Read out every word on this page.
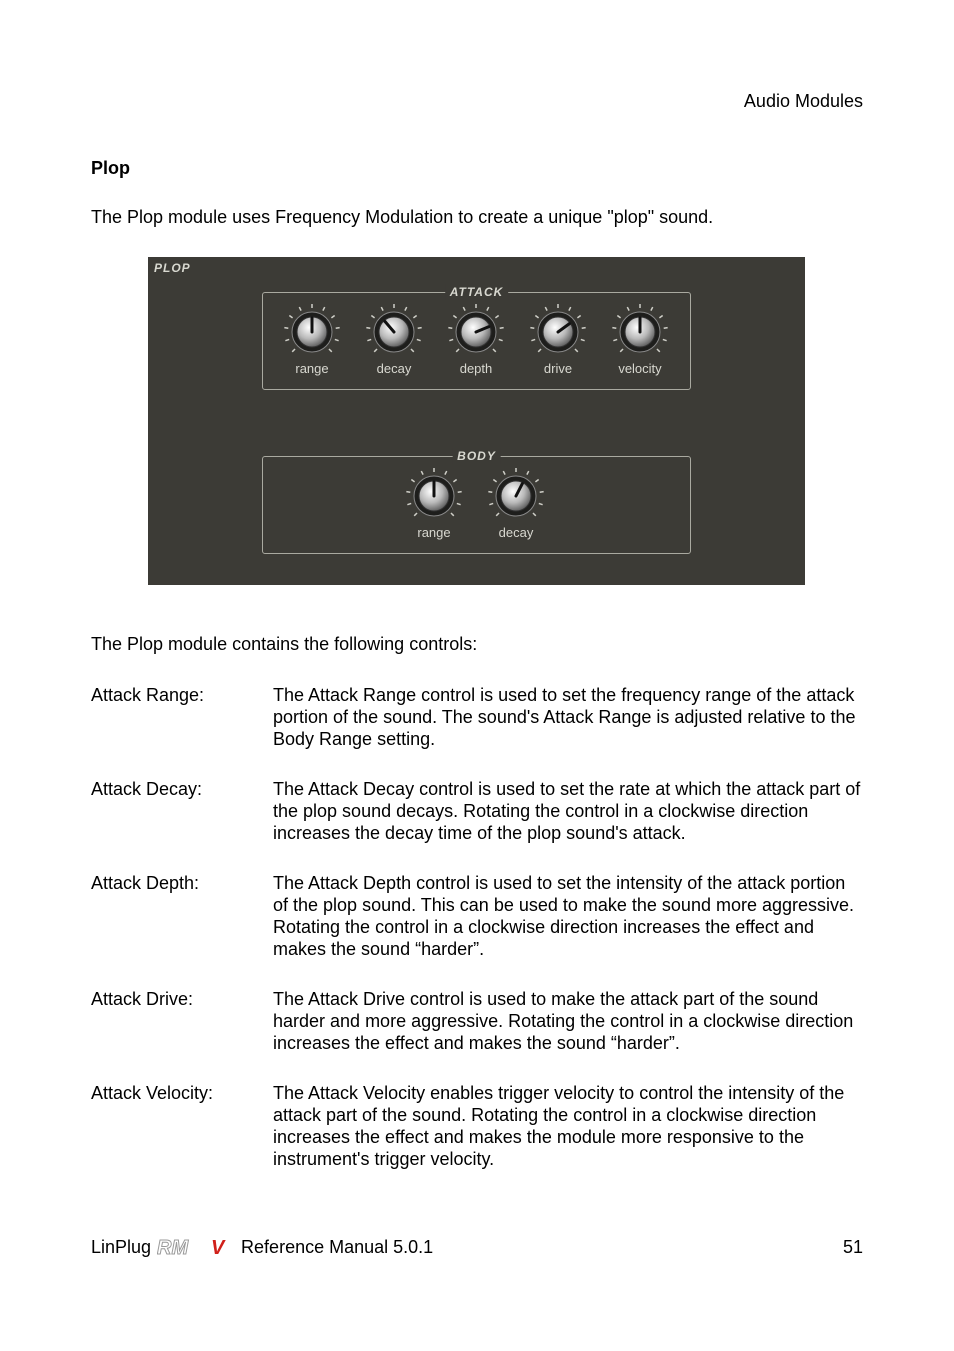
Audio Modules
Plop
The Plop module uses Frequency Modulation to create a unique "plop" sound.
PLOP
ATTACK
range	decay	depth	drive	velocity
BODY
range	decay
The Plop module contains the following controls:
Attack Range:	The Attack Range control is used to set the frequency range of the attack portion of the sound. The sound's Attack Range is adjusted relative to the Body Range setting.
Attack Decay:	The Attack Decay control is used to set the rate at which the attack part of the plop sound decays. Rotating the control in a clockwise direction increases the decay time of the plop sound's attack.
Attack Depth:	The Attack Depth control is used to set the intensity of the attack portion of the plop sound. This can be used to make the sound more aggressive. Rotating the control in a clockwise direction increases the effect and makes the sound “harder”.
Attack Drive:	The Attack Drive control is used to make the attack part of the sound harder and more aggressive. Rotating the control in a clockwise direction increases the effect and makes the sound “harder”.
Attack Velocity:	The Attack Velocity enables trigger velocity to control the intensity of the attack part of the sound. Rotating the control in a clockwise direction increases the effect and makes the module more responsive to the instrument's trigger velocity.
LinPlug RM V Reference Manual 5.0.1	51
